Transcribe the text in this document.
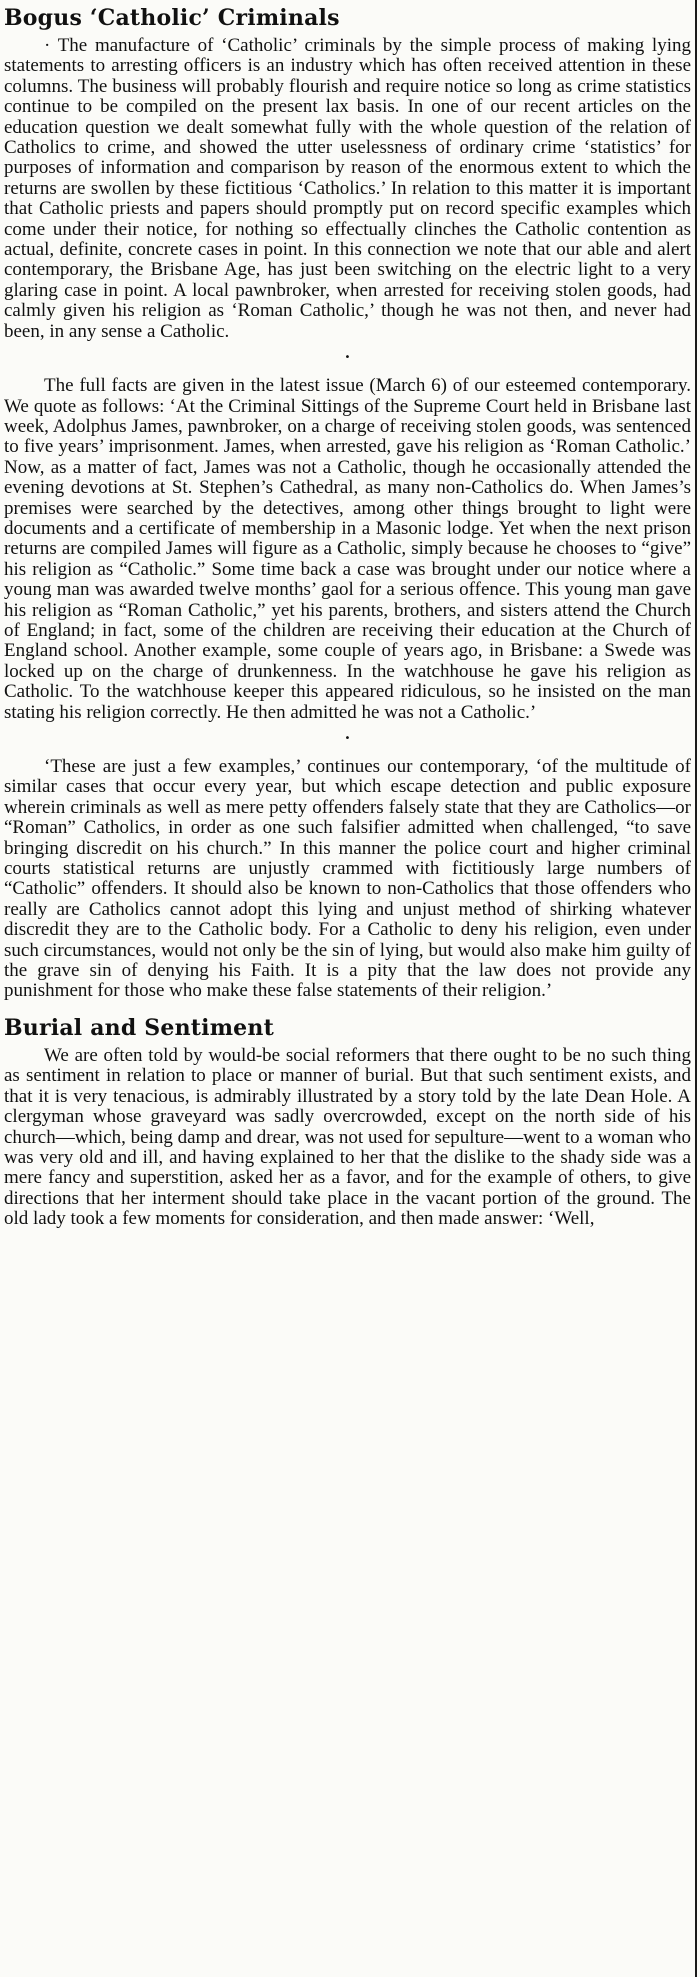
Bogus ‘Catholic’ Criminals

· The manufacture of ‘Catholic’ criminals by the simple process of making lying statements to arresting officers is an industry which has often received attention in these columns. The business will probably flourish and require notice so long as crime statistics continue to be compiled on the present lax basis. In one of our recent articles on the education question we dealt somewhat fully with the whole question of the relation of Catholics to crime, and showed the utter uselessness of ordinary crime ‘statistics’ for purposes of information and comparison by reason of the enormous extent to which the returns are swollen by these fictitious ‘Catholics.’ In relation to this matter it is important that Catholic priests and papers should promptly put on record specific examples which come under their notice, for nothing so effectually clinches the Catholic contention as actual, definite, concrete cases in point. In this connection we note that our able and alert contemporary, the Brisbane Age, has just been switching on the electric light to a very glaring case in point. A local pawnbroker, when arrested for receiving stolen goods, had calmly given his religion as ‘Roman Catholic,’ though he was not then, and never had been, in any sense a Catholic.

•

The full facts are given in the latest issue (March 6) of our esteemed contemporary. We quote as follows: ‘At the Criminal Sittings of the Supreme Court held in Brisbane last week, Adolphus James, pawnbroker, on a charge of receiving stolen goods, was sentenced to five years’ imprisonment. James, when arrested, gave his religion as ‘Roman Catholic.’ Now, as a matter of fact, James was not a Catholic, though he occasionally attended the evening devotions at St. Stephen’s Cathedral, as many non-Catholics do. When James’s premises were searched by the detectives, among other things brought to light were documents and a certificate of membership in a Masonic lodge. Yet when the next prison returns are compiled James will figure as a Catholic, simply because he chooses to “give” his religion as “Catholic.” Some time back a case was brought under our notice where a young man was awarded twelve months’ gaol for a serious offence. This young man gave his religion as “Roman Catholic,” yet his parents, brothers, and sisters attend the Church of England; in fact, some of the children are receiving their education at the Church of England school. Another example, some couple of years ago, in Brisbane: a Swede was locked up on the charge of drunkenness. In the watchhouse he gave his religion as Catholic. To the watchhouse keeper this appeared ridiculous, so he insisted on the man stating his religion correctly. He then admitted he was not a Catholic.’

•

‘These are just a few examples,’ continues our contemporary, ‘of the multitude of similar cases that occur every year, but which escape detection and public exposure wherein criminals as well as mere petty offenders falsely state that they are Catholics—or “Roman” Catholics, in order as one such falsifier admitted when challenged, “to save bringing discredit on his church.” In this manner the police court and higher criminal courts statistical returns are unjustly crammed with fictitiously large numbers of “Catholic” offenders. It should also be known to non-Catholics that those offenders who really are Catholics cannot adopt this lying and unjust method of shirking whatever discredit they are to the Catholic body. For a Catholic to deny his religion, even under such circumstances, would not only be the sin of lying, but would also make him guilty of the grave sin of denying his Faith. It is a pity that the law does not provide any punishment for those who make these false statements of their religion.’

Burial and Sentiment

We are often told by would-be social reformers that there ought to be no such thing as sentiment in relation to place or manner of burial. But that such sentiment exists, and that it is very tenacious, is admirably illustrated by a story told by the late Dean Hole. A clergyman whose graveyard was sadly overcrowded, except on the north side of his church—which, being damp and drear, was not used for sepulture—went to a woman who was very old and ill, and having explained to her that the dislike to the shady side was a mere fancy and superstition, asked her as a favor, and for the example of others, to give directions that her interment should take place in the vacant portion of the ground. The old lady took a few moments for consideration, and then made answer: ‘Well,
